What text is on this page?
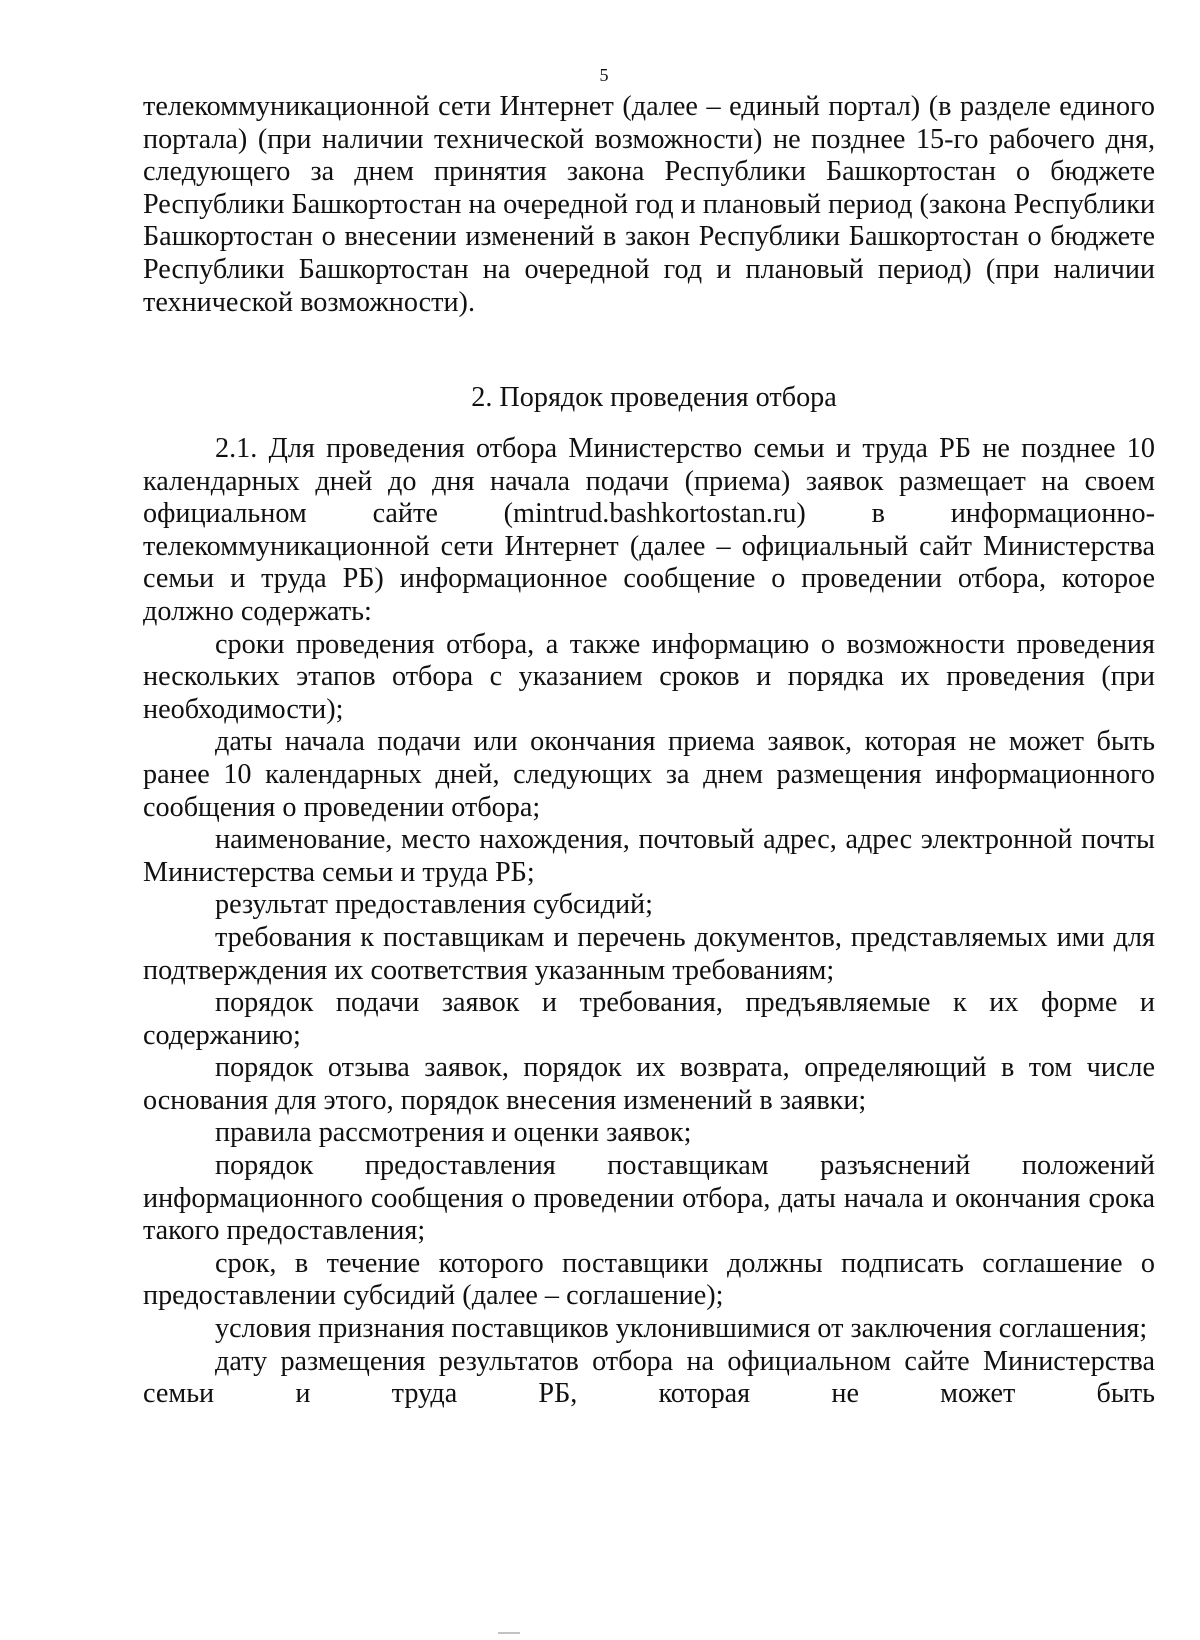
5

телекоммуникационной сети Интернет (далее – единый портал) (в разделе единого портала) (при наличии технической возможности) не позднее 15-го рабочего дня, следующего за днем принятия закона Республики Башкортостан о бюджете Республики Башкортостан на очередной год и плановый период (закона Республики Башкортостан о внесении изменений в закон Республики Башкортостан о бюджете Республики Башкортостан на очередной год и плановый период) (при наличии технической возможности).

2. Порядок проведения отбора

2.1. Для проведения отбора Министерство семьи и труда РБ не позднее 10 календарных дней до дня начала подачи (приема) заявок размещает на своем официальном сайте (mintrud.bashkortostan.ru) в информационно-телекоммуникационной сети Интернет (далее – официальный сайт Министерства семьи и труда РБ) информационное сообщение о проведении отбора, которое должно содержать:

сроки проведения отбора, а также информацию о возможности проведения нескольких этапов отбора с указанием сроков и порядка их проведения (при необходимости);

даты начала подачи или окончания приема заявок, которая не может быть ранее 10 календарных дней, следующих за днем размещения информационного сообщения о проведении отбора;

наименование, место нахождения, почтовый адрес, адрес электронной почты Министерства семьи и труда РБ;

результат предоставления субсидий;

требования к поставщикам и перечень документов, представляемых ими для подтверждения их соответствия указанным требованиям;

порядок подачи заявок и требования, предъявляемые к их форме и содержанию;

порядок отзыва заявок, порядок их возврата, определяющий в том числе основания для этого, порядок внесения изменений в заявки;

правила рассмотрения и оценки заявок;

порядок предоставления поставщикам разъяснений положений информационного сообщения о проведении отбора, даты начала и окончания срока такого предоставления;

срок, в течение которого поставщики должны подписать соглашение о предоставлении субсидий (далее – соглашение);

условия признания поставщиков уклонившимися от заключения соглашения;

дату размещения результатов отбора на официальном сайте Министерства семьи и труда РБ, которая не может быть
